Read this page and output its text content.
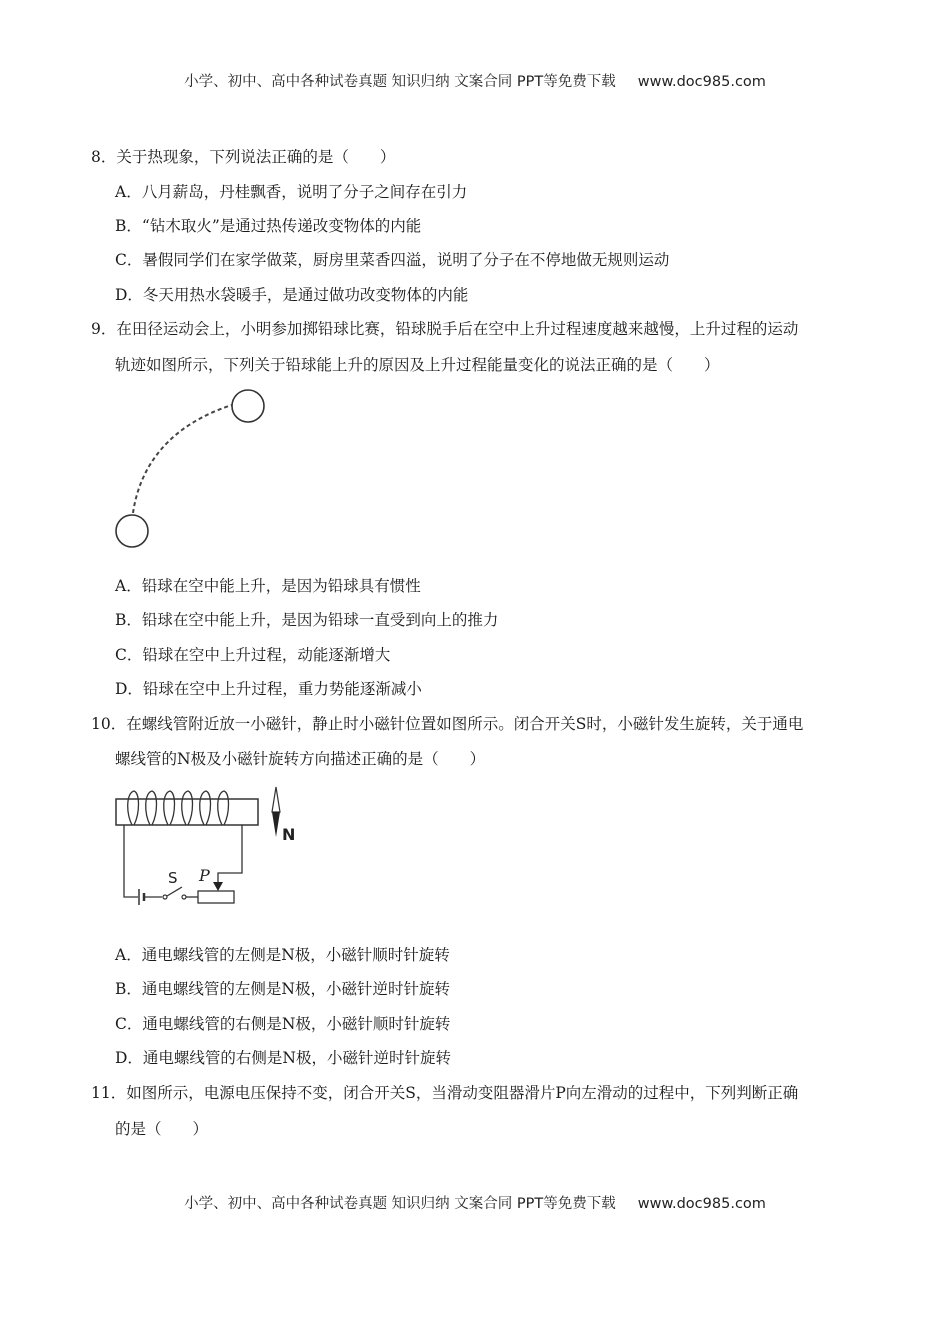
小学、初中、高中各种试卷真题 知识归纳 文案合同 PPT等免费下载 www.doc985.com
8．关于热现象，下列说法正确的是（　　）
A．八月薪岛，丹桂飘香，说明了分子之间存在引力
B．“钻木取火”是通过热传递改变物体的内能
C．暑假同学们在家学做菜，厨房里菜香四溢，说明了分子在不停地做无规则运动
D．冬天用热水袋暖手，是通过做功改变物体的内能
9．在田径运动会上，小明参加掷铅球比赛，铅球脱手后在空中上升过程速度越来越慢，上升过程的运动
轨迹如图所示，下列关于铅球能上升的原因及上升过程能量变化的说法正确的是（　　）
A．铅球在空中能上升，是因为铅球具有惯性
B．铅球在空中能上升，是因为铅球一直受到向上的推力
C．铅球在空中上升过程，动能逐渐增大
D．铅球在空中上升过程，重力势能逐渐减小
10．在螺线管附近放一小磁针，静止时小磁针位置如图所示。闭合开关S时，小磁针发生旋转，关于通电
螺线管的N极及小磁针旋转方向描述正确的是（　　）
S P
N
A．通电螺线管的左侧是N极，小磁针顺时针旋转
B．通电螺线管的左侧是N极，小磁针逆时针旋转
C．通电螺线管的右侧是N极，小磁针顺时针旋转
D．通电螺线管的右侧是N极，小磁针逆时针旋转
11．如图所示，电源电压保持不变，闭合开关S，当滑动变阻器滑片P向左滑动的过程中，下列判断正确
的是（　　）
小学、初中、高中各种试卷真题 知识归纳 文案合同 PPT等免费下载 www.doc985.com
